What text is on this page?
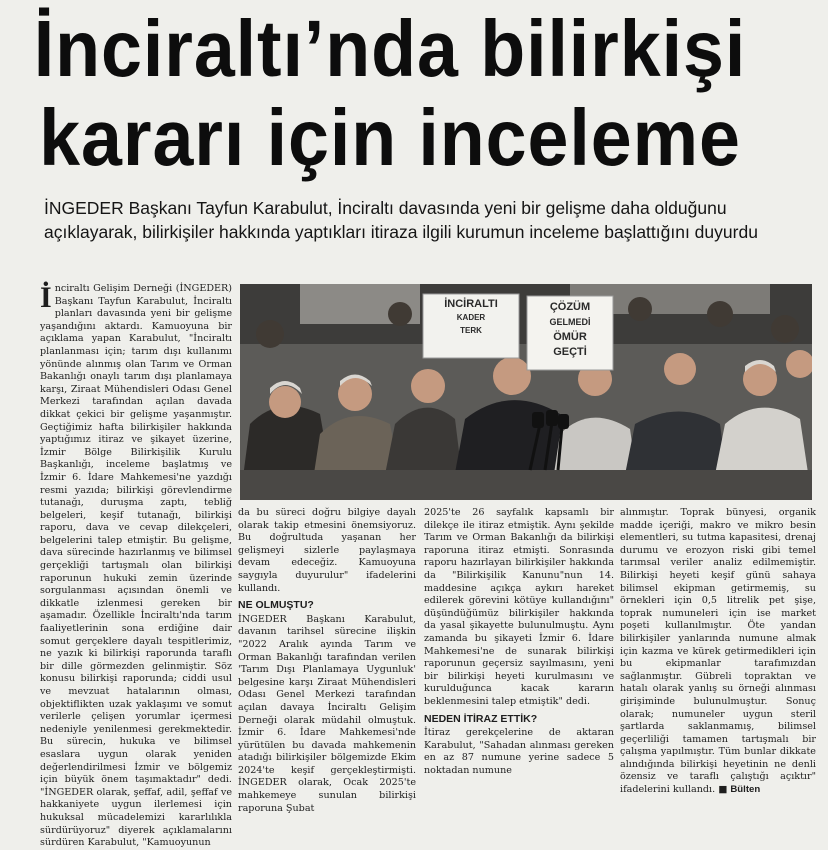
İnciraltı’nda bilirkişi
kararı için inceleme
İNGEDER Başkanı Tayfun Karabulut, İnciraltı davasında yeni bir gelişme daha olduğunu
açıklayarak, bilirkişiler hakkında yaptıkları itiraza ilgili kurumun inceleme başlattığını duyurdu
İ nciraltı Gelişim Derneği (İNGEDER) Başkanı Tayfun Karabulut, İnciraltı planları davasında yeni bir gelişme yaşandığını aktardı. Kamuoyuna bir açıklama yapan Karabulut, "İnciraltı planlanması için; tarım dışı kullanımı yönünde alınmış olan Tarım ve Orman Bakanlığı onaylı tarım dışı planlamaya karşı, Ziraat Mühendisleri Odası Genel Merkezi tarafından açılan davada dikkat çekici bir gelişme yaşanmıştır. Geçtiğimiz hafta bilirkişiler hakkında yaptığımız itiraz ve şikayet üzerine, İzmir Bölge Bilirkişilik Kurulu Başkanlığı, inceleme başlatmış ve İzmir 6. İdare Mahkemesi'ne yazdığı resmi yazıda; bilirkişi görevlendirme tutanağı, duruşma zaptı, tebliğ belgeleri, keşif tutanağı, bilirkişi raporu, dava ve cevap dilekçeleri, belgelerini talep etmiştir. Bu gelişme, dava sürecinde hazırlanmış ve bilimsel gerçekliği tartışmalı olan bilirkişi raporunun hukuki zemin üzerinde sorgulanması açısından önemli ve dikkatle izlenmesi gereken bir aşamadır. Özellikle İnciraltı'nda tarım faaliyetlerinin sona erdiğine dair somut gerçeklere dayalı tespitlerimiz, ne yazık ki bilirkişi raporunda taraflı bir dille görmezden gelinmiştir. Söz konusu bilirkişi raporunda; ciddi usul ve mevzuat hatalarının olması, objektiflikten uzak yaklaşımı ve somut verilerle çelişen yorumlar içermesi nedeniyle yenilenmesi gerekmektedir. Bu sürecin, hukuka ve bilimsel esaslara uygun olarak yeniden değerlendirilmesi İzmir ve bölgemiz için büyük önem taşımaktadır" dedi. "İNGEDER olarak, şeffaf, adil, şeffaf ve hakkaniyete uygun ilerlemesi için hukuksal mücadelemizi kararlılıkla sürdürüyoruz" diyerek açıklamalarını sürdüren Karabulut, "Kamuoyunun
İNCİRALTI
KADER
TERK
ÇÖZÜM
GELMEDİ
ÖMÜR
GEÇTİ
da bu süreci doğru bilgiye dayalı olarak takip etmesini önemsiyoruz. Bu doğrultuda yaşanan her gelişmeyi sizlerle paylaşmaya devam edeceğiz. Kamuoyuna saygıyla duyurulur" ifadelerini kullandı.
NE OLMUŞTU?
İNGEDER Başkanı Karabulut, davanın tarihsel sürecine ilişkin "2022 Aralık ayında Tarım ve Orman Bakanlığı tarafından verilen 'Tarım Dışı Planlamaya Uygunluk' belgesine karşı Ziraat Mühendisleri Odası Genel Merkezi tarafından açılan davaya İnciraltı Gelişim Derneği olarak müdahil olmuştuk. İzmir 6. İdare Mahkemesi'nde yürütülen bu davada mahkemenin atadığı bilirkişiler bölgemizde Ekim 2024'te keşif gerçekleştirmişti. İNGEDER olarak, Ocak 2025'te mahkemeye sunulan bilirkişi raporuna Şubat
2025'te 26 sayfalık kapsamlı bir dilekçe ile itiraz etmiştik. Aynı şekilde Tarım ve Orman Bakanlığı da bilirkişi raporuna itiraz etmişti. Sonrasında raporu hazırlayan bilirkişiler hakkında da "Bilirkişilik Kanunu"nun 14. maddesine açıkça aykırı hareket edilerek görevini kötüye kullandığını" düşündüğümüz bilirkişiler hakkında da yasal şikayette bulunulmuştu. Aynı zamanda bu şikayeti İzmir 6. İdare Mahkemesi'ne de sunarak bilirkişi raporunun geçersiz sayılmasını, yeni bir bilirkişi heyeti kurulmasını ve kurulduğunca kacak kararın beklenmesini talep etmiştik" dedi.
NEDEN İTİRAZ ETTİK?
İtiraz gerekçelerine de aktaran Karabulut, "Sahadan alınması gereken en az 87 numune yerine sadece 5 noktadan numune
alınmıştır. Toprak bünyesi, organik madde içeriği, makro ve mikro besin elementleri, su tutma kapasitesi, drenaj durumu ve erozyon riski gibi temel tarımsal veriler analiz edilmemiştir. Bilirkişi heyeti keşif günü sahaya bilimsel ekipman getirmemiş, su örnekleri için 0,5 litrelik pet şişe, toprak numuneleri için ise market poşeti kullanılmıştır. Öte yandan bilirkişiler yanlarında numune almak için kazma ve kürek getirmedikleri için bu ekipmanlar tarafımızdan sağlanmıştır. Gübreli topraktan ve hatalı olarak yanlış su örneği alınması girişiminde bulunulmuştur. Sonuç olarak; numuneler uygun steril şartlarda saklanmamış, bilimsel geçerliliği tamamen tartışmalı bir çalışma yapılmıştır. Tüm bunlar dikkate alındığında bilirkişi heyetinin ne denli özensiz ve taraflı çalıştığı açıktır" ifadelerini kullandı. ■ Bülten
